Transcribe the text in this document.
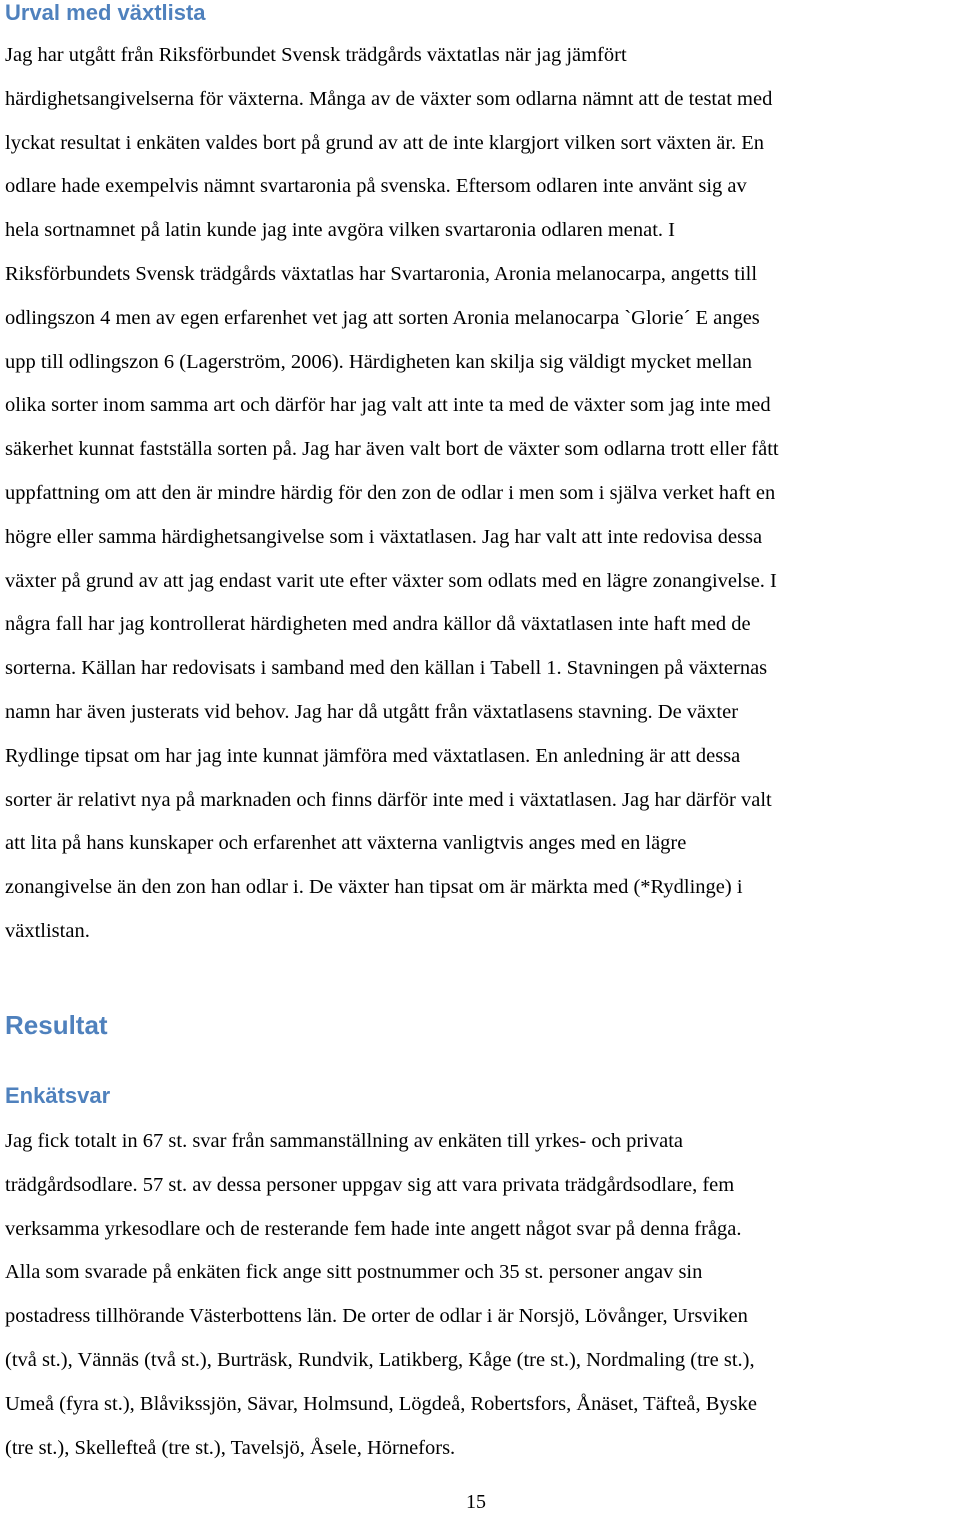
Urval med växtlista
Jag har utgått från Riksförbundet Svensk trädgårds växtatlas när jag jämfört
härdighetsangivelserna för växterna. Många av de växter som odlarna nämnt att de testat med
lyckat resultat i enkäten valdes bort på grund av att de inte klargjort vilken sort växten är. En
odlare hade exempelvis nämnt svartaronia på svenska. Eftersom odlaren inte använt sig av
hela sortnamnet på latin kunde jag inte avgöra vilken svartaronia odlaren menat. I
Riksförbundets Svensk trädgårds växtatlas har Svartaronia, Aronia melanocarpa, angetts till
odlingszon 4 men av egen erfarenhet vet jag att sorten Aronia melanocarpa `Glorie´ E anges
upp till odlingszon 6 (Lagerström, 2006). Härdigheten kan skilja sig väldigt mycket mellan
olika sorter inom samma art och därför har jag valt att inte ta med de växter som jag inte med
säkerhet kunnat fastställa sorten på. Jag har även valt bort de växter som odlarna trott eller fått
uppfattning om att den är mindre härdig för den zon de odlar i men som i själva verket haft en
högre eller samma härdighetsangivelse som i växtatlasen. Jag har valt att inte redovisa dessa
växter på grund av att jag endast varit ute efter växter som odlats med en lägre zonangivelse. I
några fall har jag kontrollerat härdigheten med andra källor då växtatlasen inte haft med de
sorterna. Källan har redovisats i samband med den källan i Tabell 1. Stavningen på växternas
namn har även justerats vid behov. Jag har då utgått från växtatlasens stavning. De växter
Rydlinge tipsat om har jag inte kunnat jämföra med växtatlasen. En anledning är att dessa
sorter är relativt nya på marknaden och finns därför inte med i växtatlasen. Jag har därför valt
att lita på hans kunskaper och erfarenhet att växterna vanligtvis anges med en lägre
zonangivelse än den zon han odlar i. De växter han tipsat om är märkta med (*Rydlinge) i
växtlistan.
Resultat
Enkätsvar
Jag fick totalt in 67 st. svar från sammanställning av enkäten till yrkes- och privata
trädgårdsodlare. 57 st. av dessa personer uppgav sig att vara privata trädgårdsodlare, fem
verksamma yrkesodlare och de resterande fem hade inte angett något svar på denna fråga.
Alla som svarade på enkäten fick ange sitt postnummer och 35 st. personer angav sin
postadress tillhörande Västerbottens län. De orter de odlar i är Norsjö, Lövånger, Ursviken
(två st.), Vännäs (två st.), Burträsk, Rundvik, Latikberg, Kåge (tre st.), Nordmaling (tre st.),
Umeå (fyra st.), Blåvikssjön, Sävar, Holmsund, Lögdeå, Robertsfors, Ånäset, Täfteå, Byske
(tre st.), Skellefteå (tre st.), Tavelsjö, Åsele, Hörnefors.
15
